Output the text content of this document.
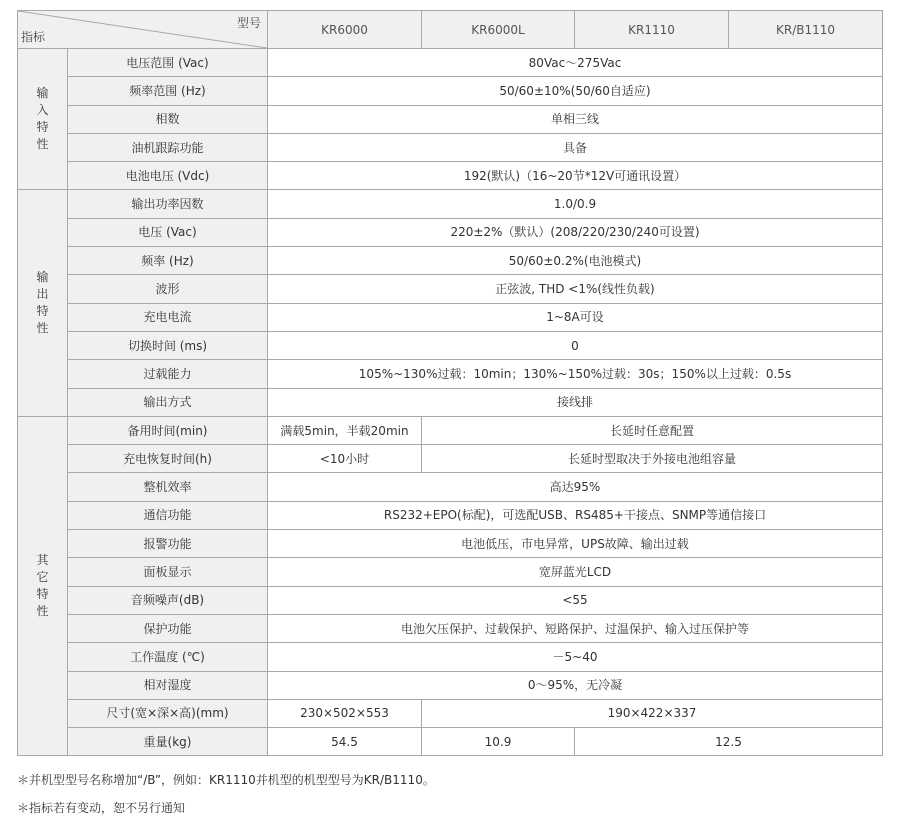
型号
指标		KR6000	KR6000L	KR1110	KR/B1110
输入特性	电压范围 (Vac)	80Vac～275Vac			
	频率范围 (Hz)	50/60±10%(50/60自适应)			
	相数	单相三线			
	油机跟踪功能	具备			
	电池电压 (Vdc)	192(默认)（16~20节*12V可通讯设置）			
输出特性	输出功率因数	1.0/0.9			
	电压 (Vac)	220±2%（默认）(208/220/230/240可设置)			
	频率 (Hz)	50/60±0.2%(电池模式)			
	波形	正弦波, THD <1%(线性负载)			
	充电电流	1~8A可设			
	切换时间 (ms)	0			
	过载能力	105%~130%过载：10min；130%~150%过载：30s；150%以上过载：0.5s			
	输出方式	接线排			
其它特性	备用时间(min)	满载5min，半载20min	长延时任意配置		
	充电恢复时间(h)	<10小时	长延时型取决于外接电池组容量		
	整机效率	高达95%			
	通信功能	RS232+EPO(标配)，可选配USB、RS485+干接点、SNMP等通信接口			
	报警功能	电池低压，市电异常，UPS故障、输出过载			
	面板显示	宽屏蓝光LCD			
	音频噪声(dB)	<55			
	保护功能	电池欠压保护、过载保护、短路保护、过温保护、输入过压保护等			
	工作温度 (℃)	－5~40			
	相对湿度	0～95%，无冷凝			
	尺寸(宽×深×高)(mm)	230×502×553	190×422×337		
	重量(kg)	54.5	10.9	12.5	
＊并机型型号名称增加“/B”，例如：KR1110并机型的机型型号为KR/B1110。
＊指标若有变动，恕不另行通知
